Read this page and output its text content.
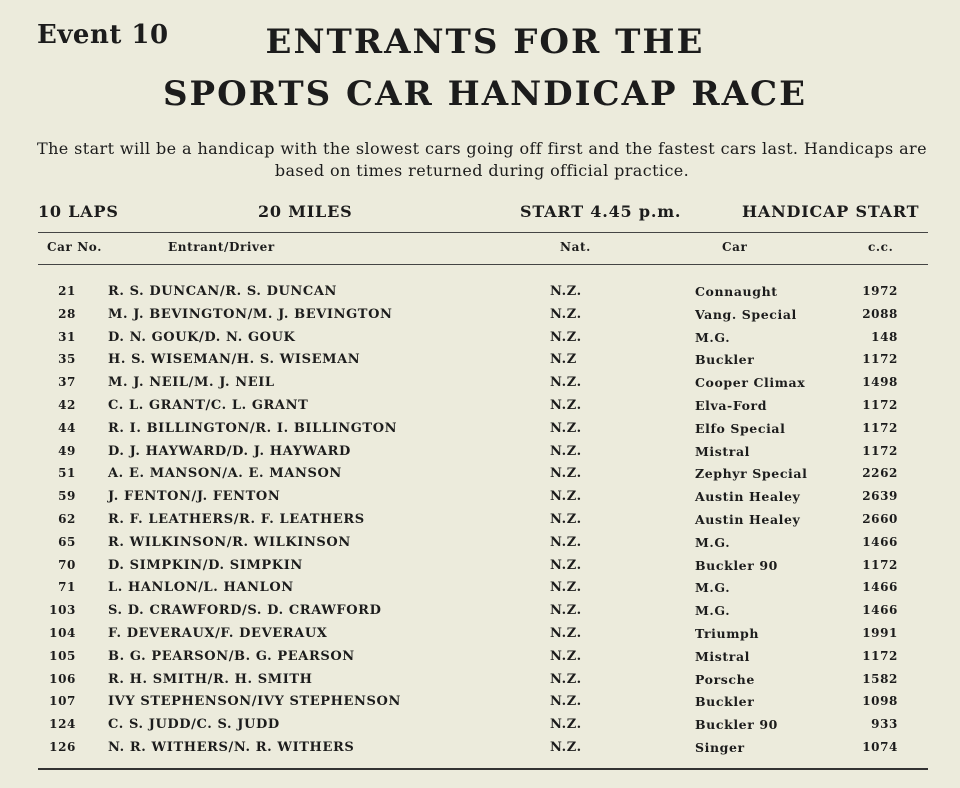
Event 10	ENTRANTS FOR THE
SPORTS CAR HANDICAP RACE
The start will be a handicap with the slowest cars going off first and the fastest cars last. Handicaps are based on times returned during official practice.
10 LAPS	20 MILES	START 4.45 p.m.	HANDICAP START
Car No.	Entrant/Driver	Nat.	Car	c.c.
21 R. S. DUNCAN/R. S. DUNCAN	N.Z.	Connaught	1972
28 M. J. BEVINGTON/M. J. BEVINGTON	N.Z.	Vang. Special	2088
31 D. N. GOUK/D. N. GOUK	N.Z.	M.G.	148
35 H. S. WISEMAN/H. S. WISEMAN	N.Z	Buckler	1172
37 M. J. NEIL/M. J. NEIL	N.Z.	Cooper Climax	1498
42 C. L. GRANT/C. L. GRANT	N.Z.	Elva-Ford	1172
44 R. I. BILLINGTON/R. I. BILLINGTON	N.Z.	Elfo Special	1172
49 D. J. HAYWARD/D. J. HAYWARD	N.Z.	Mistral	1172
51 A. E. MANSON/A. E. MANSON	N.Z.	Zephyr Special	2262
59 J. FENTON/J. FENTON	N.Z.	Austin Healey	2639
62 R. F. LEATHERS/R. F. LEATHERS	N.Z.	Austin Healey	2660
65 R. WILKINSON/R. WILKINSON	N.Z.	M.G.	1466
70 D. SIMPKIN/D. SIMPKIN	N.Z.	Buckler 90	1172
71 L. HANLON/L. HANLON	N.Z.	M.G.	1466
103 S. D. CRAWFORD/S. D. CRAWFORD	N.Z.	M.G.	1466
104 F. DEVERAUX/F. DEVERAUX	N.Z.	Triumph	1991
105 B. G. PEARSON/B. G. PEARSON	N.Z.	Mistral	1172
106 R. H. SMITH/R. H. SMITH	N.Z.	Porsche	1582
107 IVY STEPHENSON/IVY STEPHENSON	N.Z.	Buckler	1098
124 C. S. JUDD/C. S. JUDD	N.Z.	Buckler 90	933
126 N. R. WITHERS/N. R. WITHERS	N.Z.	Singer	1074
